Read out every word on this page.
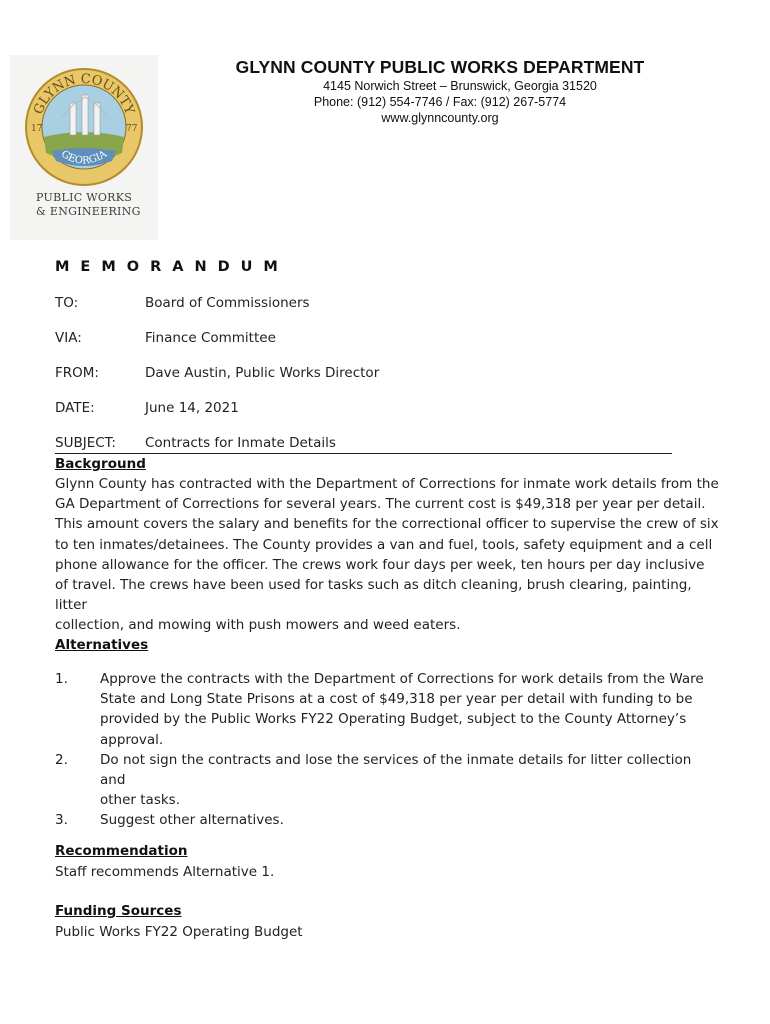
GLYNN COUNTY
GEORGIA
17	77
PUBLIC WORKS
& ENGINEERING
GLYNN COUNTY PUBLIC WORKS DEPARTMENT
4145 Norwich Street – Brunswick, Georgia 31520
Phone: (912) 554-7746 / Fax: (912) 267-5774
www.glynncounty.org
MEMORANDUM
TO:	Board of Commissioners
VIA:	Finance Committee
FROM:	Dave Austin, Public Works Director
DATE:	June 14, 2021
SUBJECT: Contracts for Inmate Details
Background
Glynn County has contracted with the Department of Corrections for inmate work details from the
GA Department of Corrections for several years. The current cost is $49,318 per year per detail.
This amount covers the salary and benefits for the correctional officer to supervise the crew of six
to ten inmates/detainees. The County provides a van and fuel, tools, safety equipment and a cell
phone allowance for the officer. The crews work four days per week, ten hours per day inclusive
of travel. The crews have been used for tasks such as ditch cleaning, brush clearing, painting, litter
collection, and mowing with push mowers and weed eaters.
Alternatives
1.	Approve the contracts with the Department of Corrections for work details from the Ware
State and Long State Prisons at a cost of $49,318 per year per detail with funding to be
provided by the Public Works FY22 Operating Budget, subject to the County Attorney’s
approval.
2.	Do not sign the contracts and lose the services of the inmate details for litter collection and
other tasks.
3.	Suggest other alternatives.
Recommendation
Staff recommends Alternative 1.
Funding Sources
Public Works FY22 Operating Budget
